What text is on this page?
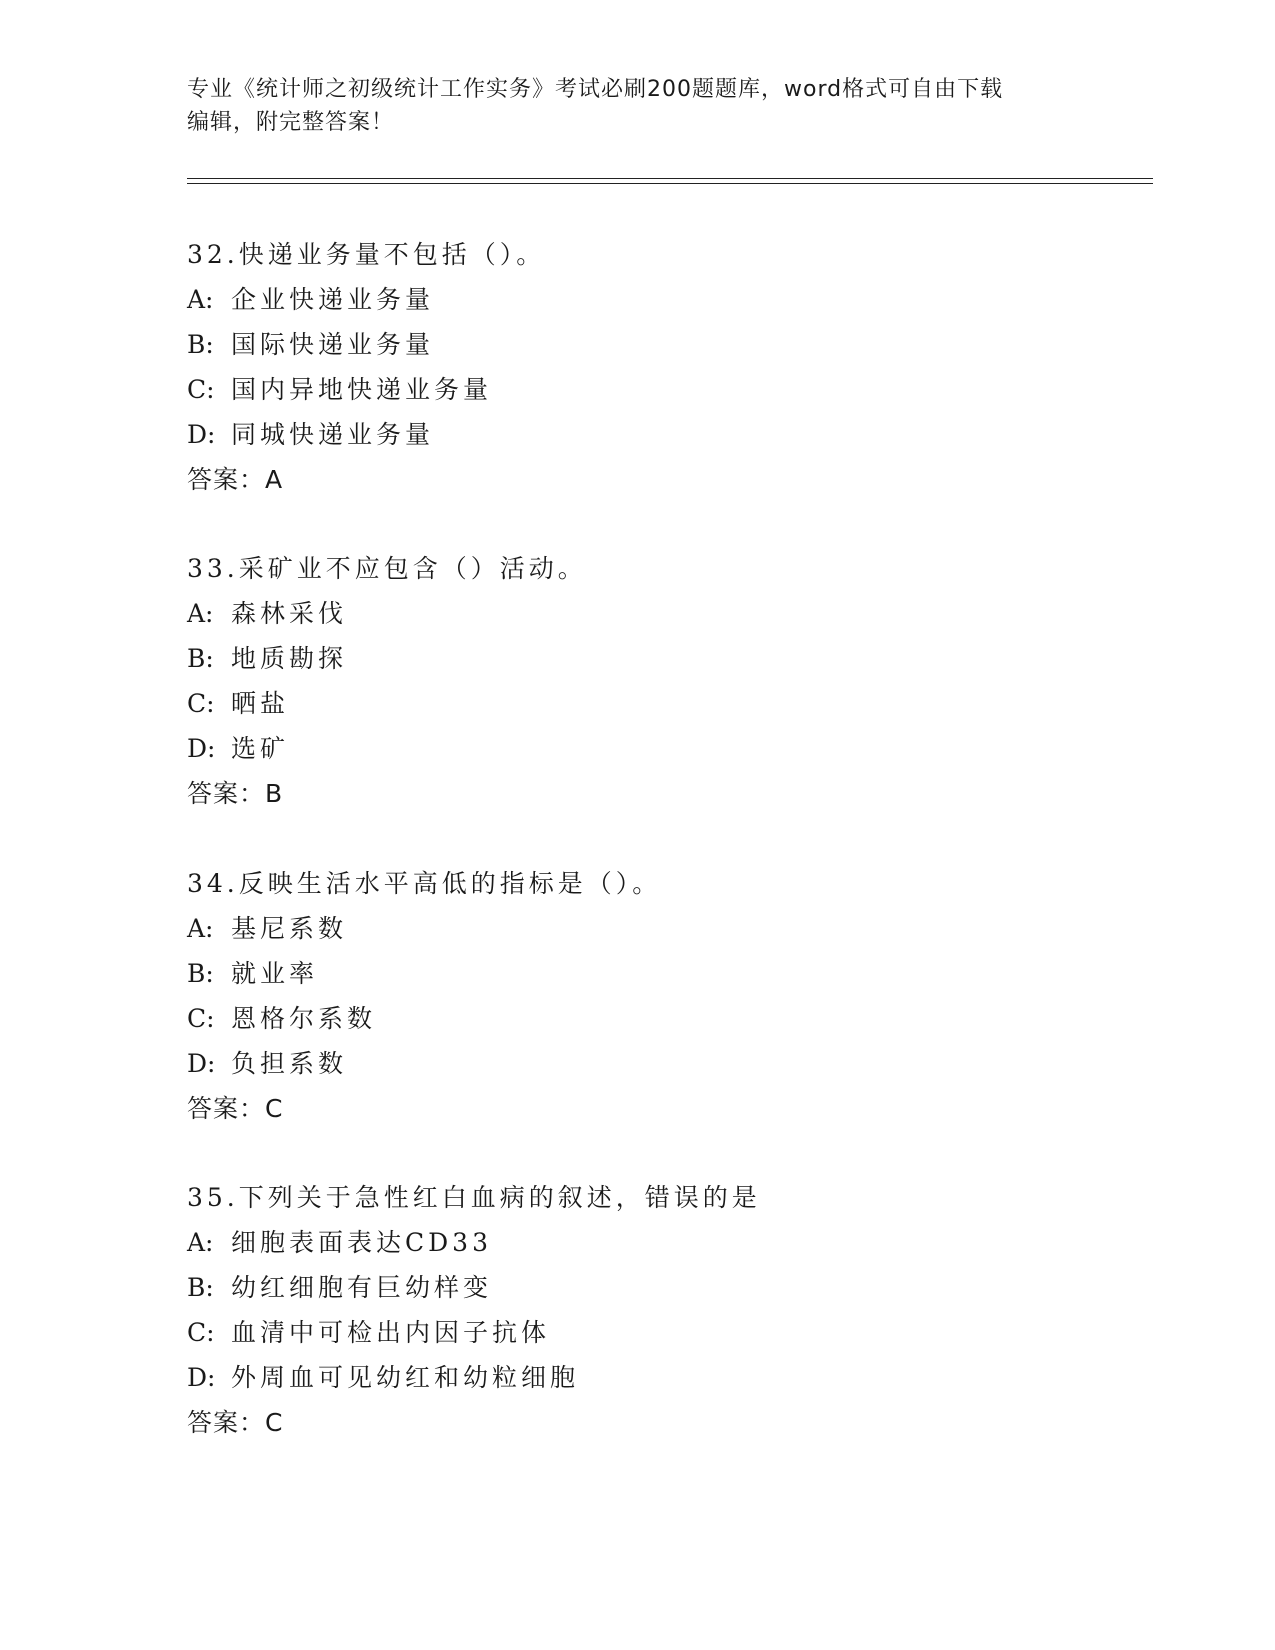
专业《统计师之初级统计工作实务》考试必刷200题题库，word格式可自由下载
编辑，附完整答案！
32.快递业务量不包括（）。
A: 企业快递业务量
B: 国际快递业务量
C: 国内异地快递业务量
D: 同城快递业务量
答案：A
33.采矿业不应包含（）活动。
A: 森林采伐
B: 地质勘探
C: 晒盐
D: 选矿
答案：B
34.反映生活水平高低的指标是（）。
A: 基尼系数
B: 就业率
C: 恩格尔系数
D: 负担系数
答案：C
35.下列关于急性红白血病的叙述，错误的是
A: 细胞表面表达CD33
B: 幼红细胞有巨幼样变
C: 血清中可检出内因子抗体
D: 外周血可见幼红和幼粒细胞
答案：C
